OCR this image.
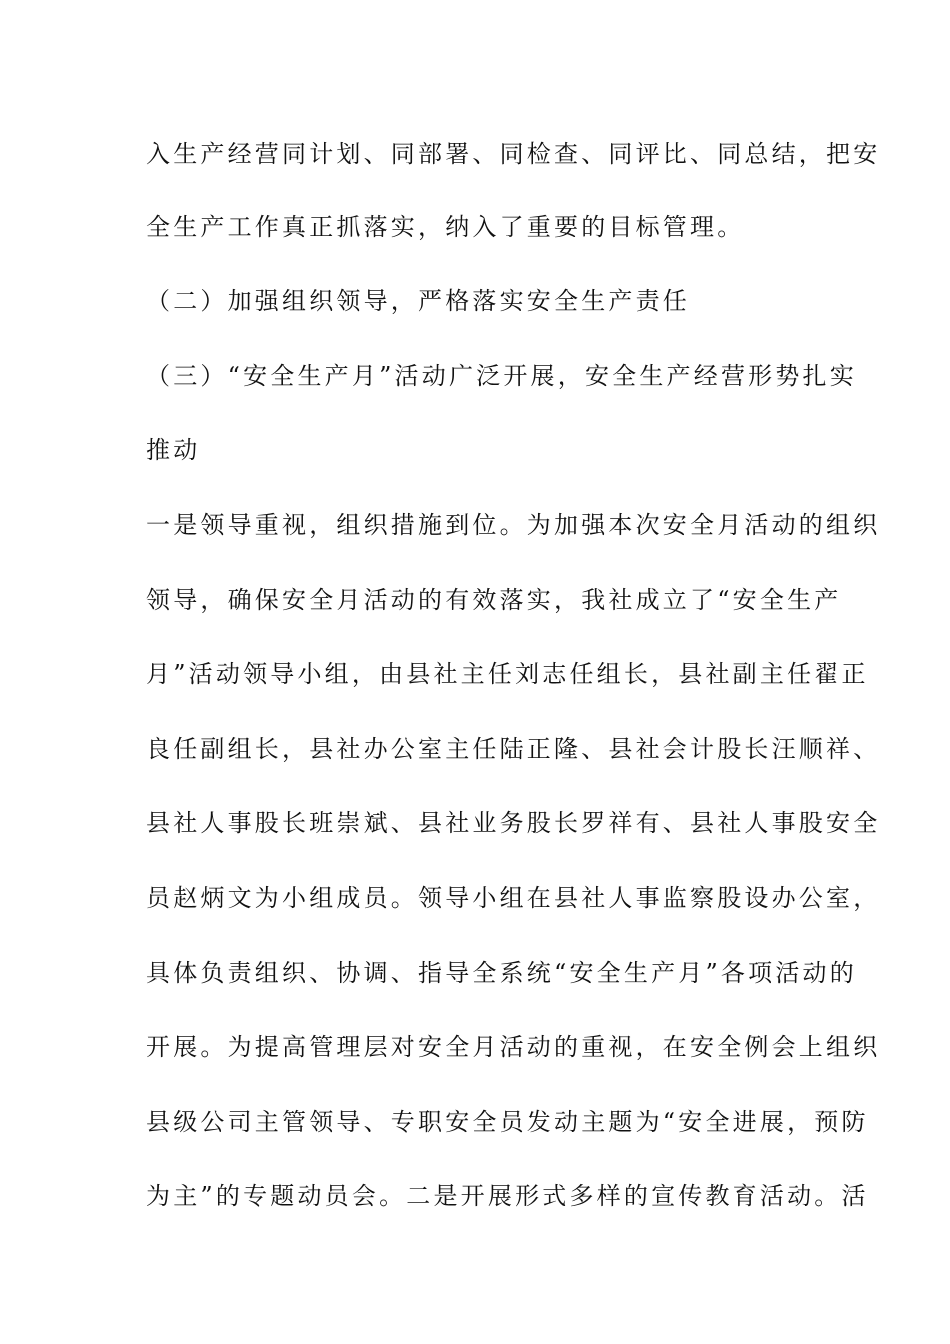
入生产经营同计划、同部署、同检查、同评比、同总结，把安
全生产工作真正抓落实，纳入了重要的目标管理。
（二）加强组织领导，严格落实安全生产责任
（三）“安全生产月”活动广泛开展，安全生产经营形势扎实
推动
一是领导重视，组织措施到位。为加强本次安全月活动的组织
领导，确保安全月活动的有效落实，我社成立了“安全生产
月”活动领导小组，由县社主任刘志任组长，县社副主任翟正
良任副组长，县社办公室主任陆正隆、县社会计股长汪顺祥、
县社人事股长班崇斌、县社业务股长罗祥有、县社人事股安全
员赵炳文为小组成员。领导小组在县社人事监察股设办公室，
具体负责组织、协调、指导全系统“安全生产月”各项活动的
开展。为提高管理层对安全月活动的重视，在安全例会上组织
县级公司主管领导、专职安全员发动主题为“安全进展，预防
为主”的专题动员会。二是开展形式多样的宣传教育活动。活
